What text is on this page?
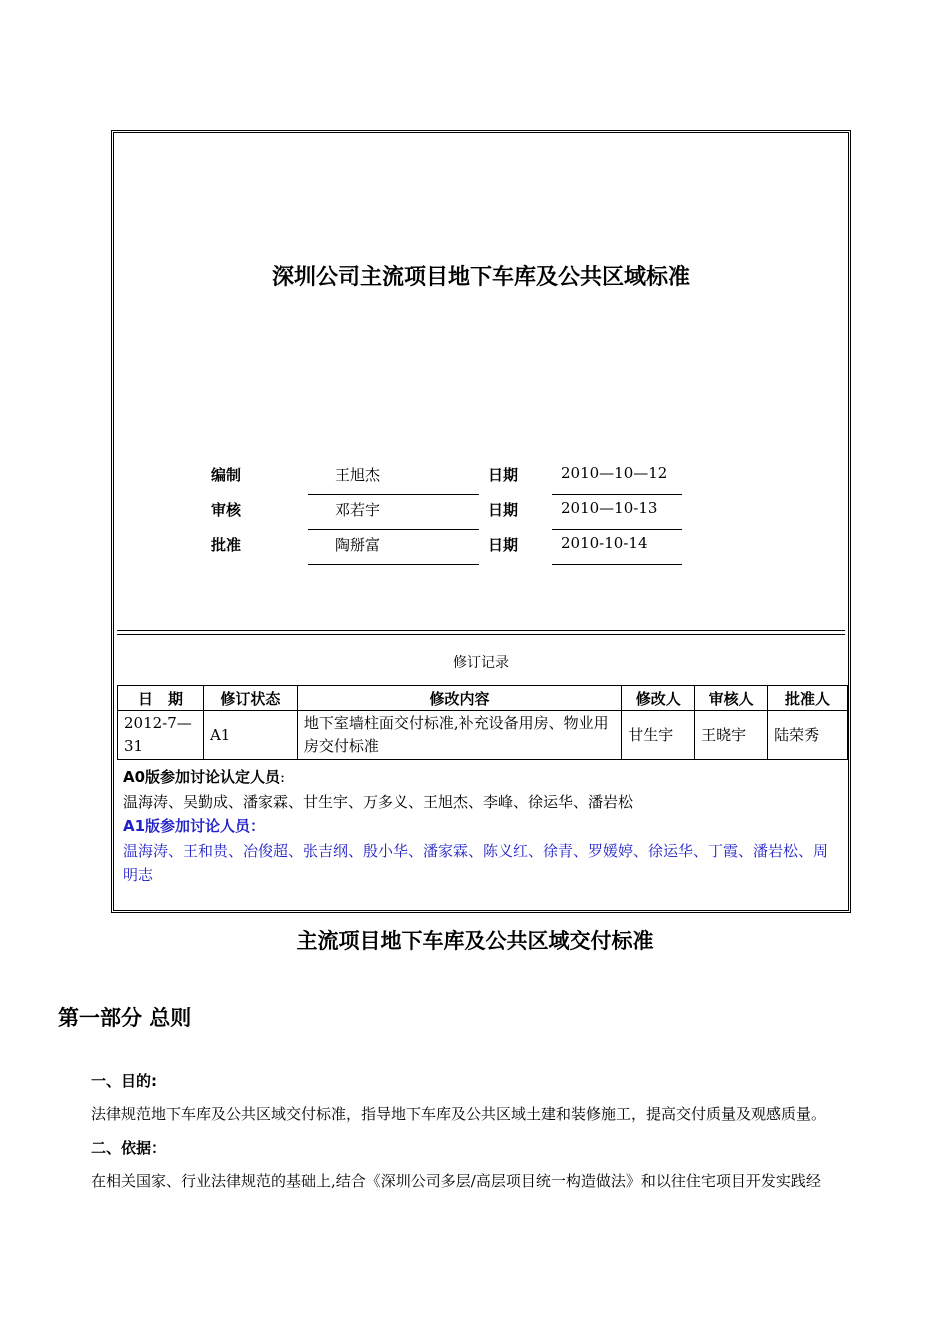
深圳公司主流项目地下车库及公共区域标准
编制	王旭杰	日期	2010—10—12
审核	邓若宇	日期	2010—10-13
批准	陶掰富	日期	2010-10-14
修订记录
日　期	修订状态	修改内容	修改人	审核人	批准人
2012-7—31	A1	地下室墙柱面交付标准,补充设备用房、物业用房交付标准	甘生宇	王晓宇	陆荣秀
A0版参加讨论认定人员:
温海涛、吴勤成、潘家霖、甘生宇、万多义、王旭杰、李峰、徐运华、潘岩松
A1版参加讨论人员：
温海涛、王和贵、冶俊超、张吉纲、殷小华、潘家霖、陈义红、徐青、罗媛婷、徐运华、丁霞、潘岩松、周明志
主流项目地下车库及公共区域交付标准
第一部分 总则
一、目的:
法律规范地下车库及公共区域交付标准，指导地下车库及公共区域土建和装修施工，提高交付质量及观感质量。
二、依据：
在相关国家、行业法律规范的基础上,结合《深圳公司多层/高层项目统一构造做法》和以往住宅项目开发实践经
